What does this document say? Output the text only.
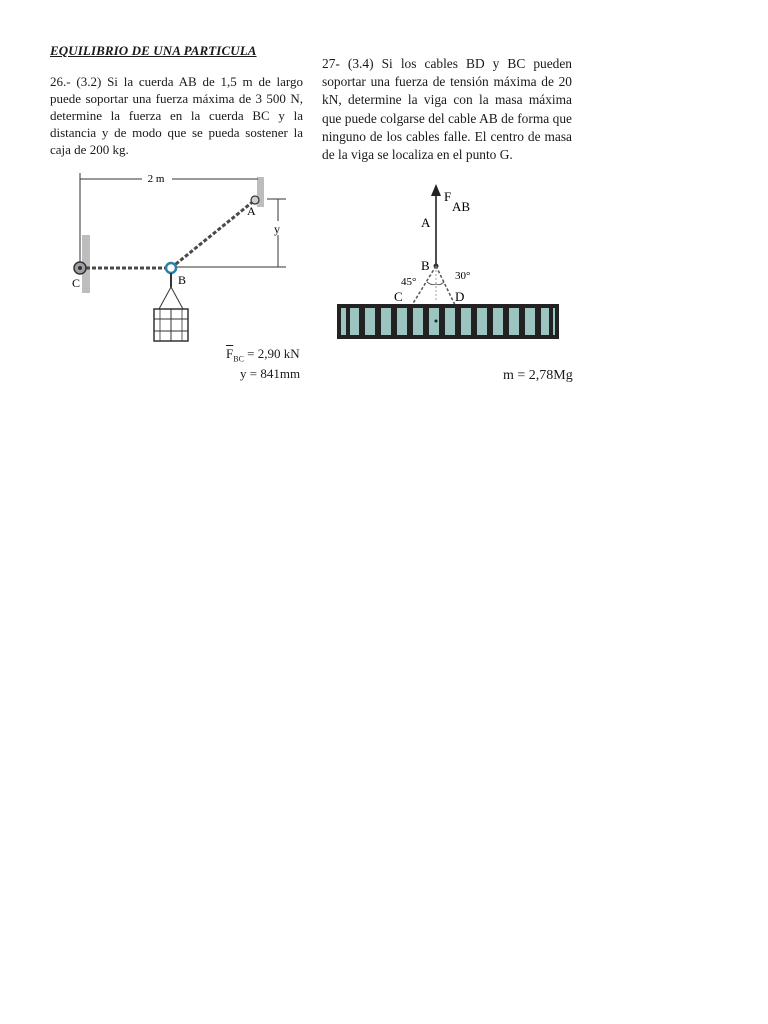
EQUILIBRIO DE UNA PARTICULA
26.- (3.2) Si la cuerda AB de 1,5 m de largo puede soportar una fuerza máxima de 3 500 N, determine la fuerza en la cuerda BC y la distancia y de modo que se pueda sostener la caja de 200 kg.
27- (3.4) Si los cables BD y BC pueden soportar una fuerza de tensión máxima de 20 kN, determine la viga con la masa máxima que puede colgarse del cable AB de forma que ninguno de los cables falle. El centro de masa de la viga se localiza en el punto G.
2 m
y
A
B
C
$\overline{F}_{BC} = 2,90$ kN
y = 841mm
F
AB
A
B
45°	30°
C	D
m = 2,78Mg
